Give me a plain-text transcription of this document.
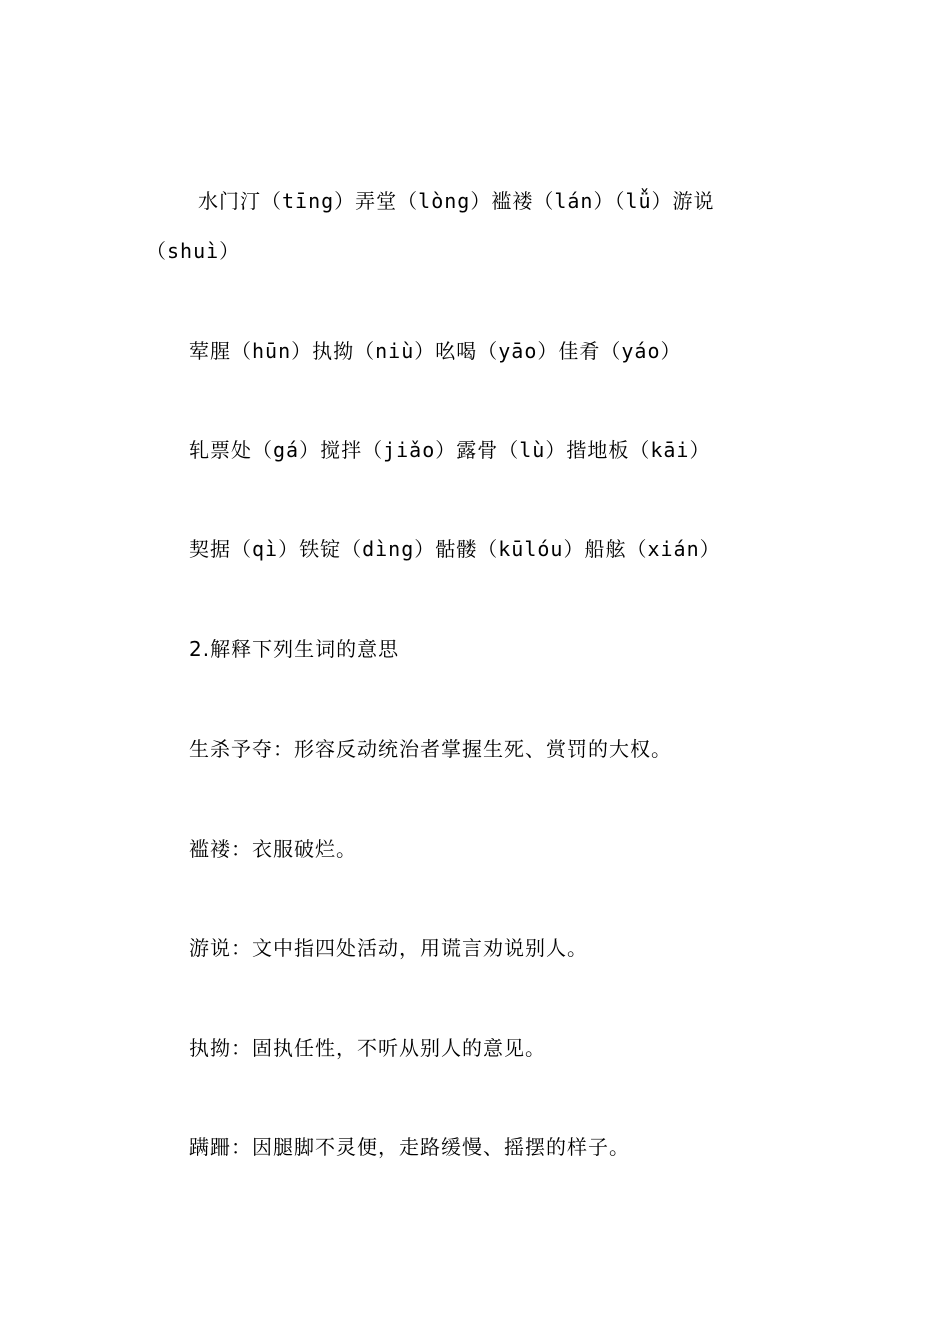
水门汀（tīng）弄堂（lòng）褴褛（lán）（lǚ）游说
（shuì）
荤腥（hūn）执拗（niù）吆喝（yāo）佳肴（yáo）
轧票处（gá）搅拌（jiǎo）露骨（lù）揩地板（kāi）
契据（qì）铁锭（dìng）骷髅（kūlóu）船舷（xián）
2.解释下列生词的意思
生杀予夺：形容反动统治者掌握生死、赏罚的大权。
褴褛：衣服破烂。
游说：文中指四处活动，用谎言劝说别人。
执拗：固执任性，不听从别人的意见。
蹒跚：因腿脚不灵便，走路缓慢、摇摆的样子。
